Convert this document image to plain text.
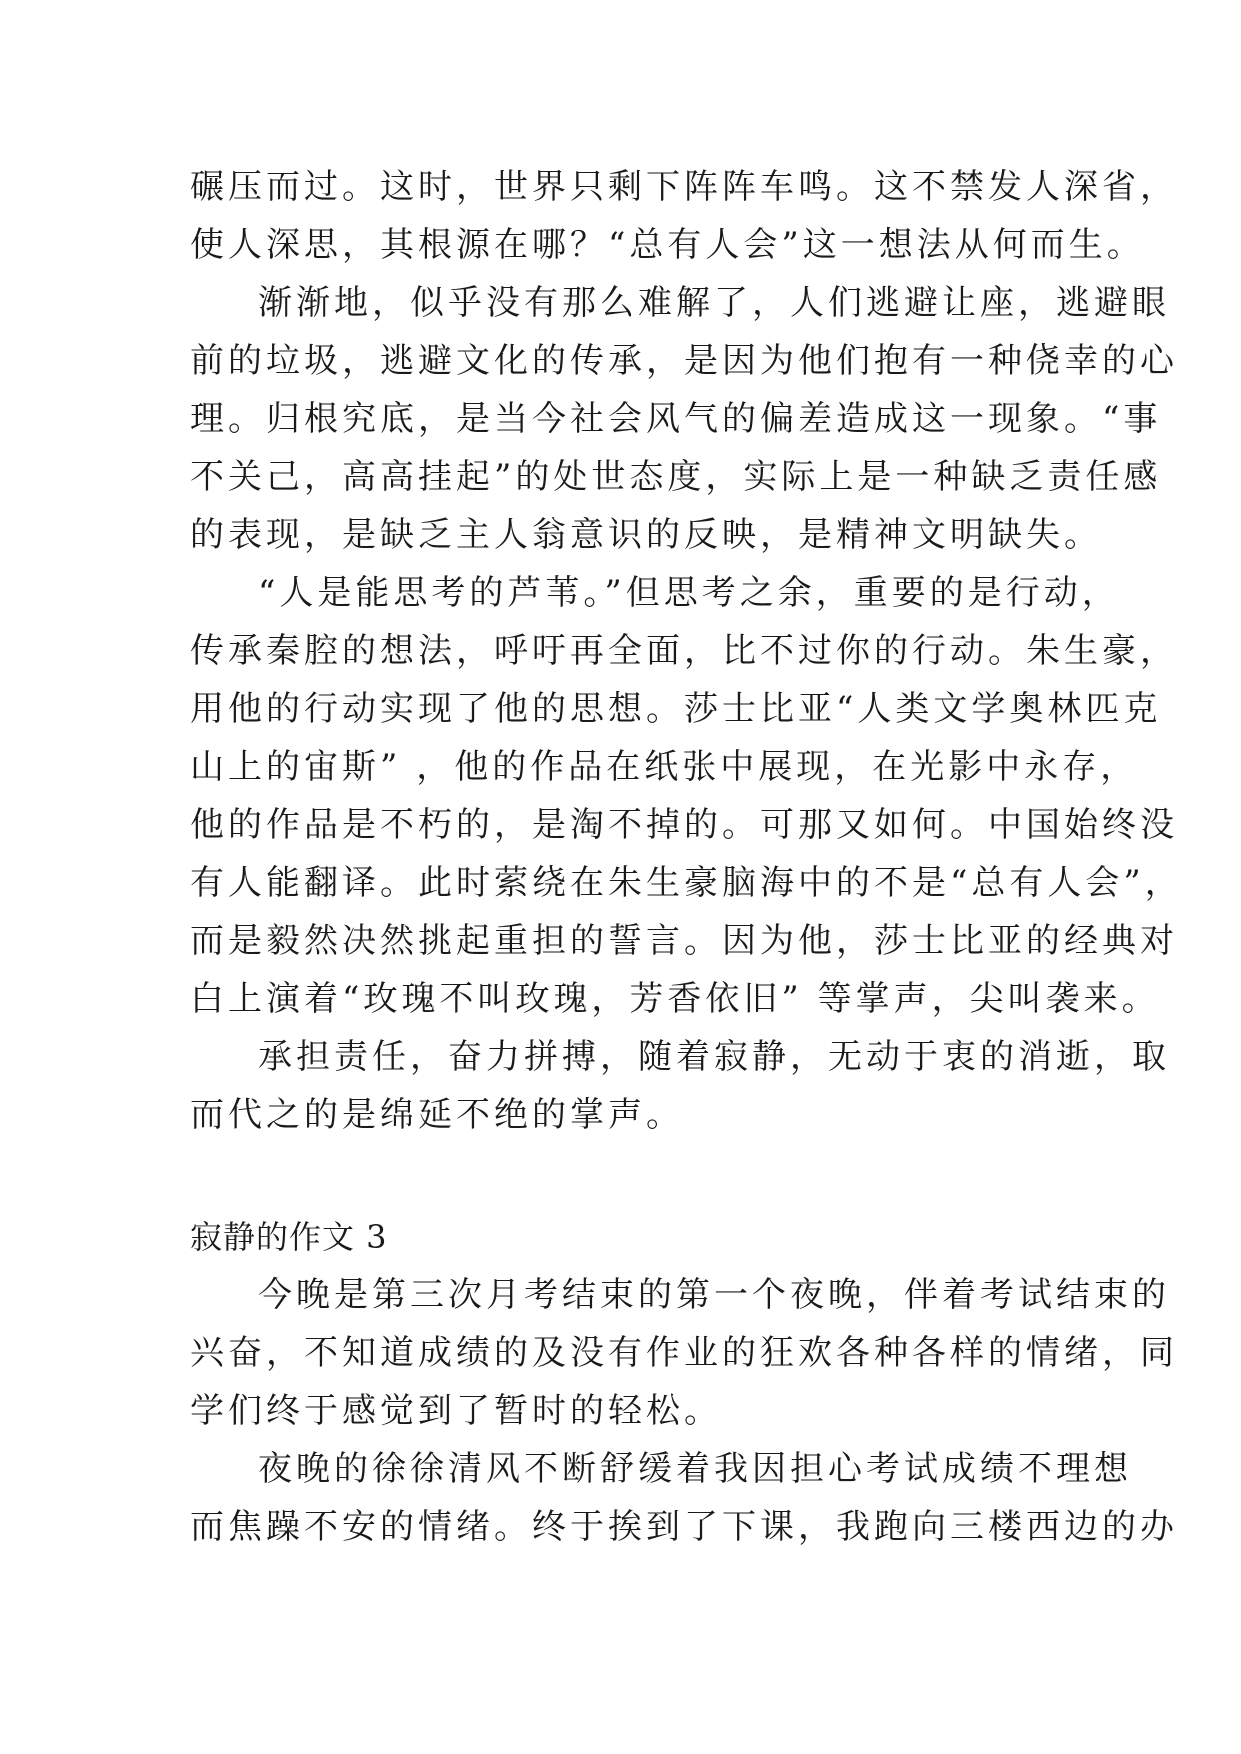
碾压而过。这时，世界只剩下阵阵车鸣。这不禁发人深省，
使人深思，其根源在哪？“总有人会”这一想法从何而生。
渐渐地，似乎没有那么难解了，人们逃避让座，逃避眼
前的垃圾，逃避文化的传承，是因为他们抱有一种侥幸的心
理。归根究底，是当今社会风气的偏差造成这一现象。“事
不关己，高高挂起”的处世态度，实际上是一种缺乏责任感
的表现，是缺乏主人翁意识的反映，是精神文明缺失。
“人是能思考的芦苇。”但思考之余，重要的是行动，
传承秦腔的想法，呼吁再全面，比不过你的行动。朱生豪，
用他的行动实现了他的思想。莎士比亚“人类文学奥林匹克
山上的宙斯” ，他的作品在纸张中展现，在光影中永存，
他的作品是不朽的，是淘不掉的。可那又如何。中国始终没
有人能翻译。此时萦绕在朱生豪脑海中的不是“总有人会”，
而是毅然决然挑起重担的誓言。因为他，莎士比亚的经典对
白上演着“玫瑰不叫玫瑰，芳香依旧” 等掌声，尖叫袭来。
承担责任，奋力拼搏，随着寂静，无动于衷的消逝，取
而代之的是绵延不绝的掌声。
寂静的作文 3
今晚是第三次月考结束的第一个夜晚，伴着考试结束的
兴奋，不知道成绩的及没有作业的狂欢各种各样的情绪，同
学们终于感觉到了暂时的轻松。
夜晚的徐徐清风不断舒缓着我因担心考试成绩不理想
而焦躁不安的情绪。终于挨到了下课，我跑向三楼西边的办
